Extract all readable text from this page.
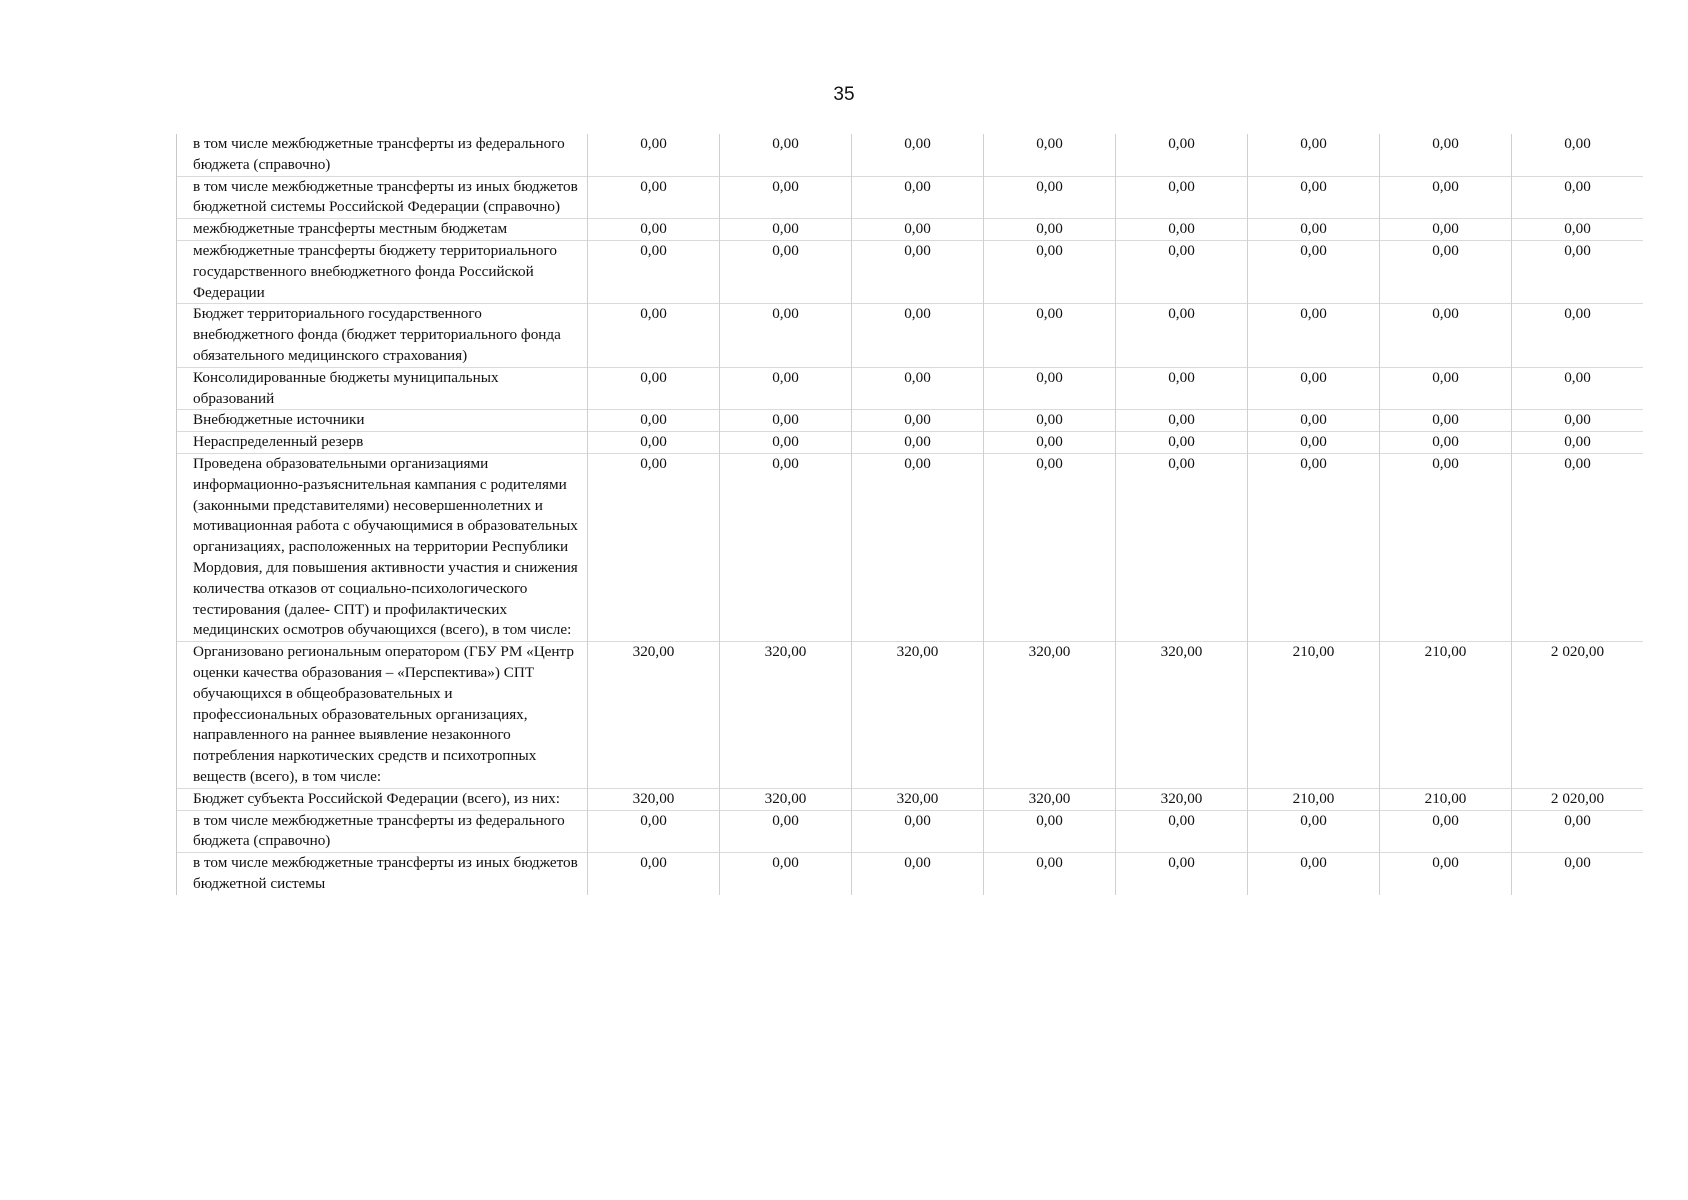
35
в том числе межбюджетные трансферты из федерального бюджета (справочно)	0,00	0,00	0,00	0,00	0,00	0,00	0,00	0,00
в том числе межбюджетные трансферты из иных бюджетов бюджетной системы Российской Федерации (справочно)	0,00	0,00	0,00	0,00	0,00	0,00	0,00	0,00
межбюджетные трансферты местным бюджетам	0,00	0,00	0,00	0,00	0,00	0,00	0,00	0,00
межбюджетные трансферты бюджету территориального государственного внебюджетного фонда Российской Федерации	0,00	0,00	0,00	0,00	0,00	0,00	0,00	0,00
Бюджет территориального государственного внебюджетного фонда (бюджет территориального фонда обязательного медицинского страхования)	0,00	0,00	0,00	0,00	0,00	0,00	0,00	0,00
Консолидированные бюджеты муниципальных образований	0,00	0,00	0,00	0,00	0,00	0,00	0,00	0,00
Внебюджетные источники	0,00	0,00	0,00	0,00	0,00	0,00	0,00	0,00
Нераспределенный резерв	0,00	0,00	0,00	0,00	0,00	0,00	0,00	0,00
Проведена образовательными организациями информационно-разъяснительная кампания с родителями (законными представителями) несовершеннолетних и мотивационная работа с обучающимися в образовательных организациях, расположенных на территории Республики Мордовия, для повышения активности участия и снижения количества отказов от социально-психологического тестирования (далее- СПТ) и профилактических медицинских осмотров обучающихся (всего), в том числе:	0,00	0,00	0,00	0,00	0,00	0,00	0,00	0,00
Организовано региональным оператором (ГБУ РМ «Центр оценки качества образования – «Перспектива») СПТ обучающихся в общеобразовательных и профессиональных образовательных организациях, направленного на раннее выявление незаконного потребления наркотических средств и психотропных веществ (всего), в том числе:	320,00	320,00	320,00	320,00	320,00	210,00	210,00	2 020,00
Бюджет субъекта Российской Федерации (всего), из них:	320,00	320,00	320,00	320,00	320,00	210,00	210,00	2 020,00
в том числе межбюджетные трансферты из федерального бюджета (справочно)	0,00	0,00	0,00	0,00	0,00	0,00	0,00	0,00
в том числе межбюджетные трансферты из иных бюджетов бюджетной системы	0,00	0,00	0,00	0,00	0,00	0,00	0,00	0,00
